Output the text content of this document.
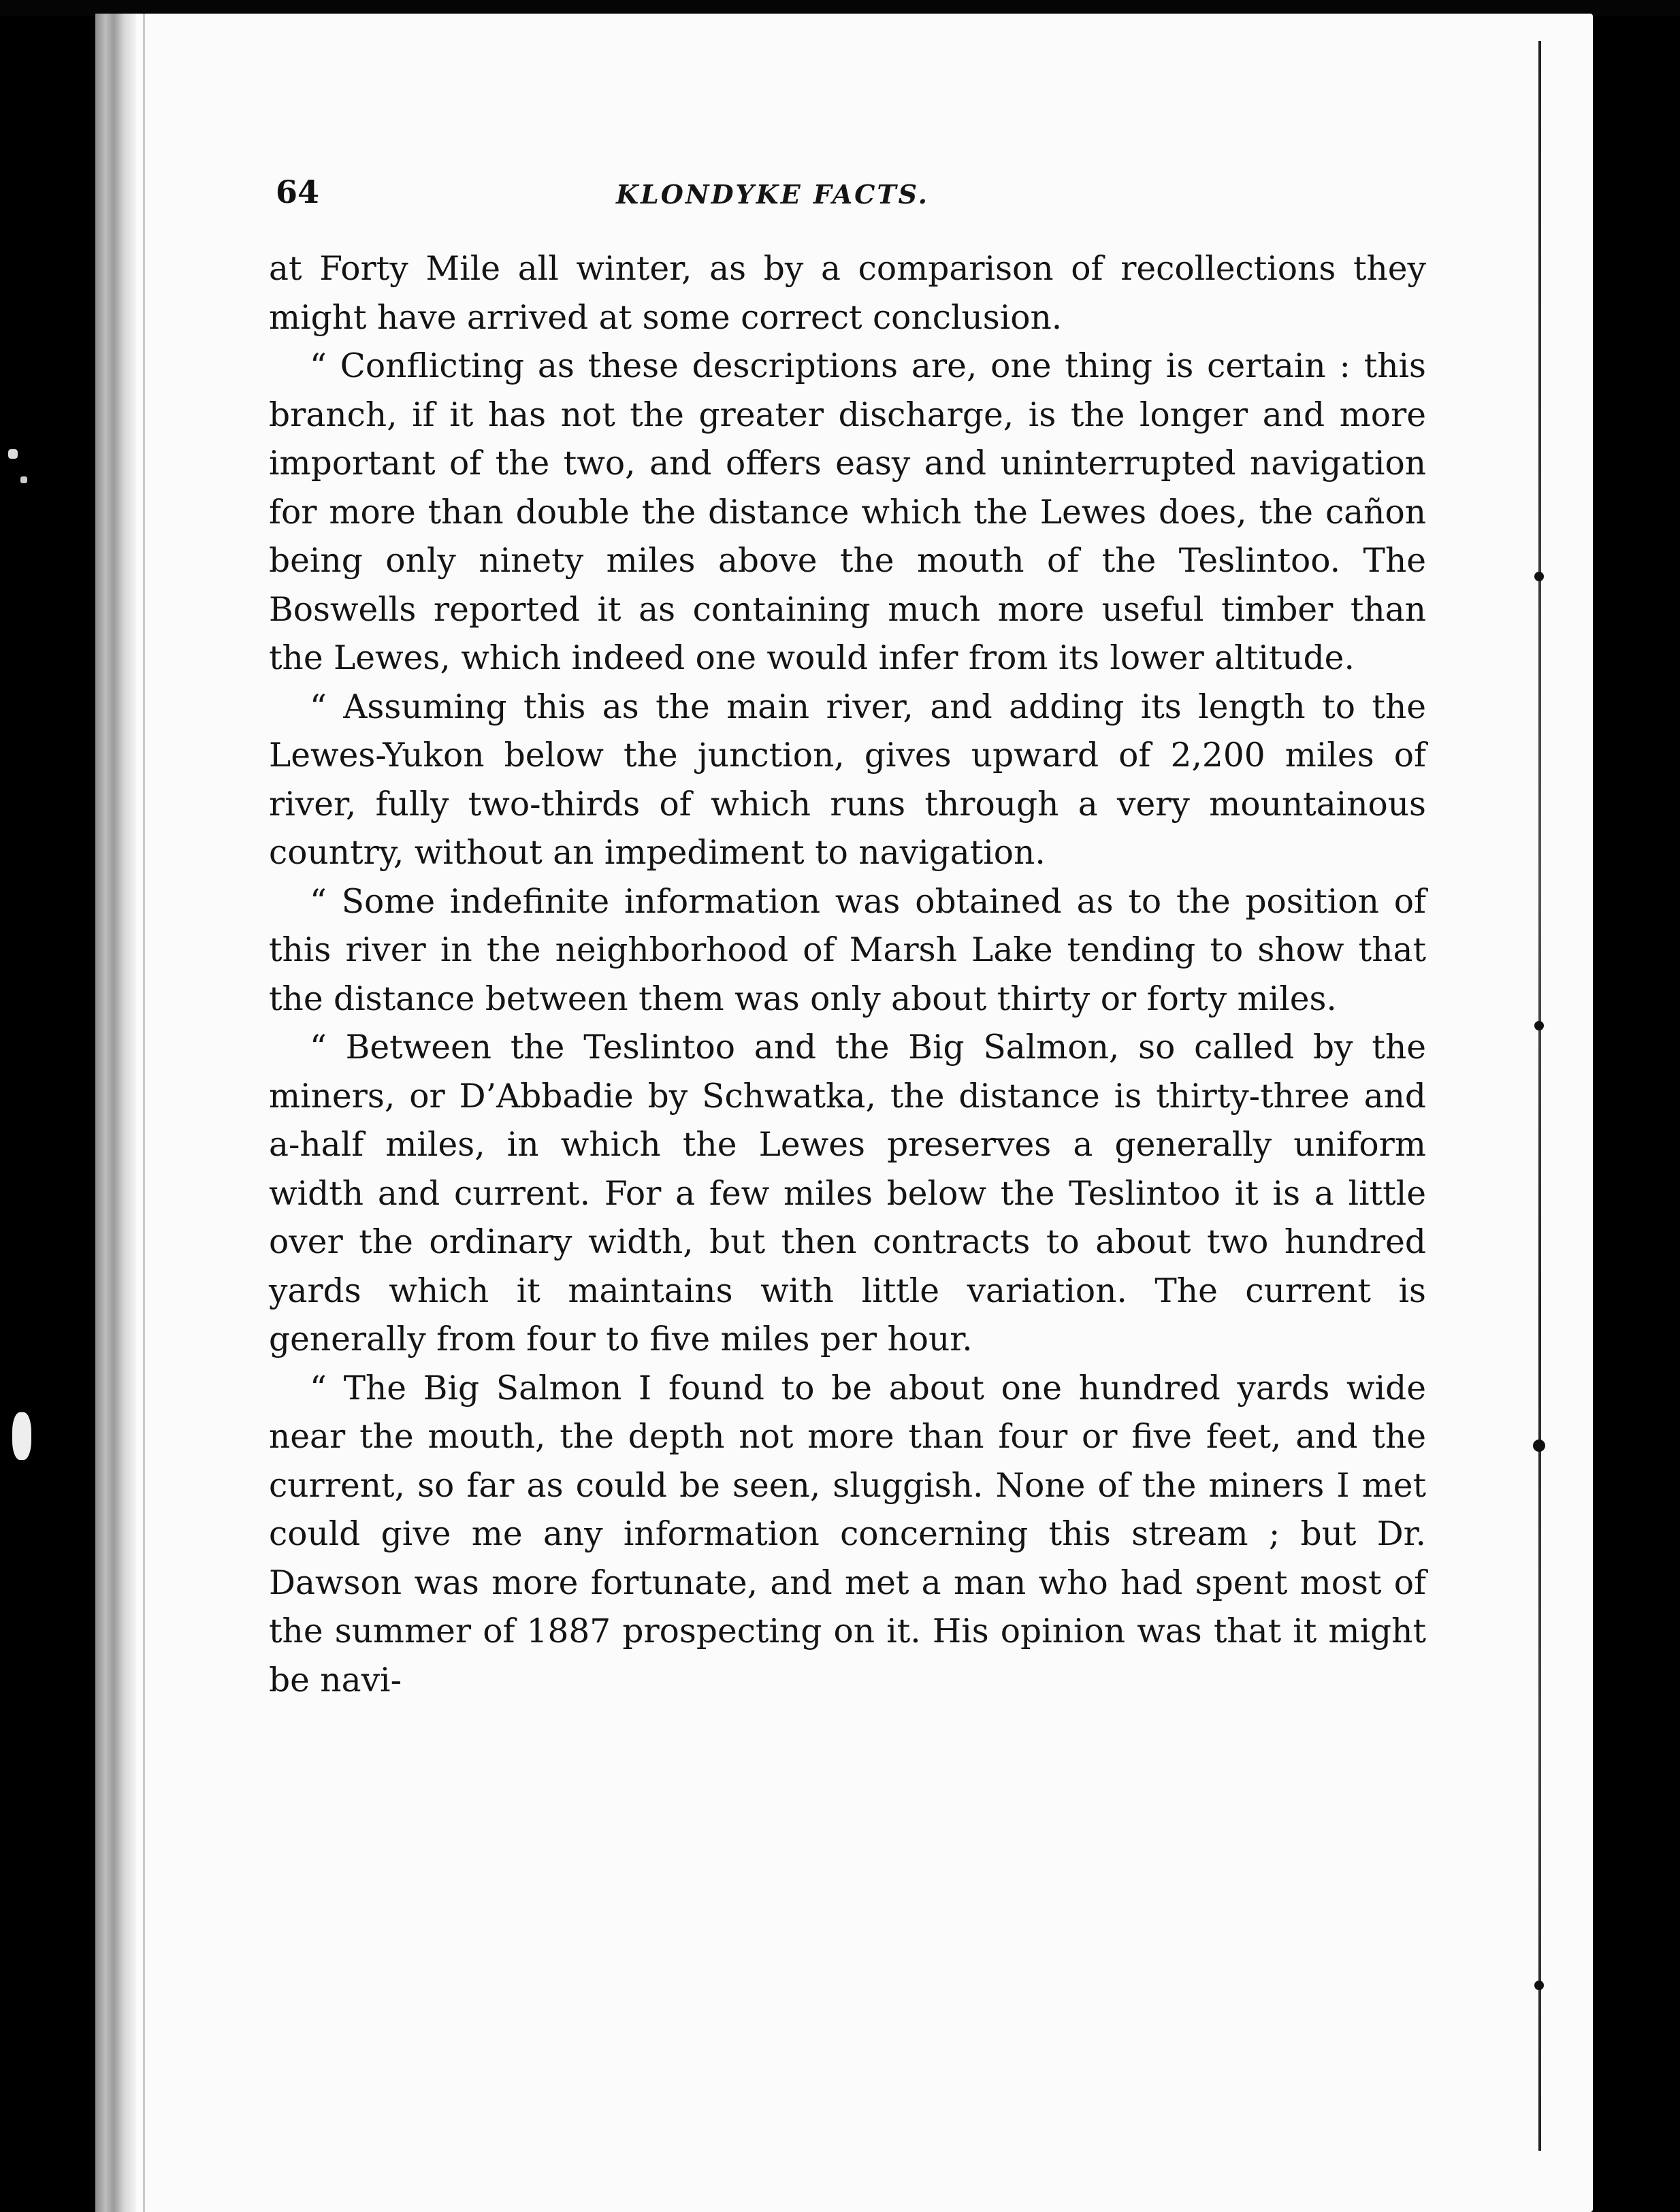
64	KLONDYKE FACTS.

at Forty Mile all winter, as by a comparison of recollections they might have arrived at some correct conclusion.

“ Conflicting as these descriptions are, one thing is certain : this branch, if it has not the greater discharge, is the longer and more important of the two, and offers easy and uninterrupted navigation for more than double the distance which the Lewes does, the cañon being only ninety miles above the mouth of the Teslintoo. The Boswells reported it as containing much more useful timber than the Lewes, which indeed one would infer from its lower altitude.

“ Assuming this as the main river, and adding its length to the Lewes-Yukon below the junction, gives upward of 2,200 miles of river, fully two-thirds of which runs through a very mountainous country, without an impediment to navigation.

“ Some indefinite information was obtained as to the position of this river in the neighborhood of Marsh Lake tending to show that the distance between them was only about thirty or forty miles.

“ Between the Teslintoo and the Big Salmon, so called by the miners, or D’Abbadie by Schwatka, the distance is thirty-three and a-half miles, in which the Lewes preserves a generally uniform width and current. For a few miles below the Teslintoo it is a little over the ordinary width, but then contracts to about two hundred yards which it maintains with little variation. The current is generally from four to five miles per hour.

“ The Big Salmon I found to be about one hundred yards wide near the mouth, the depth not more than four or five feet, and the current, so far as could be seen, sluggish. None of the miners I met could give me any information concerning this stream ; but Dr. Dawson was more fortunate, and met a man who had spent most of the summer of 1887 prospecting on it. His opinion was that it might be navi-
